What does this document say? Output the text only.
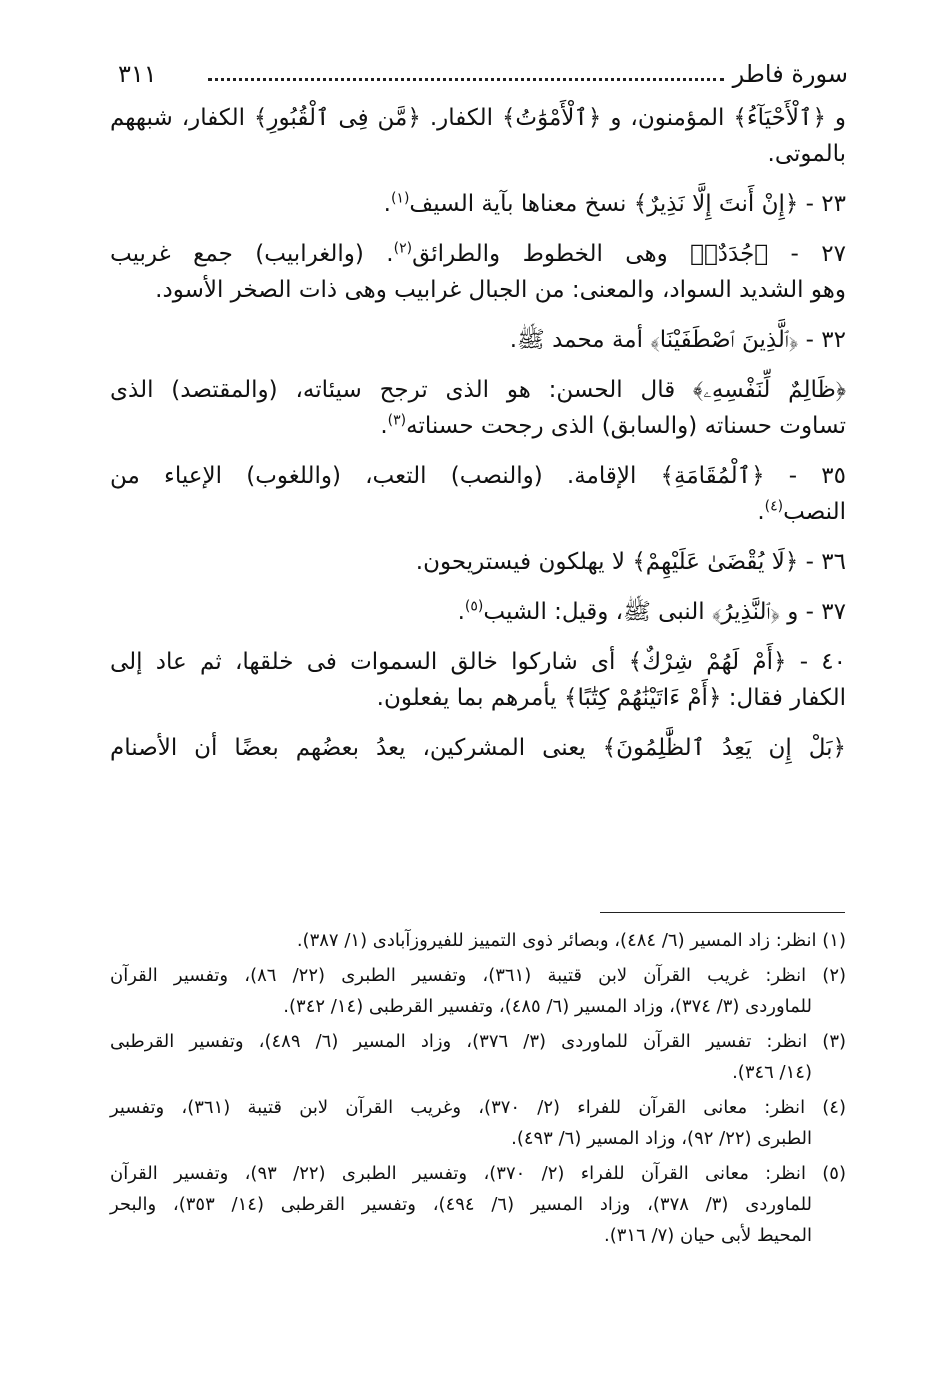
سورة فاطر
٣١١
و ﴿ٱلْأَحْيَآءُ﴾ المؤمنون، و ﴿ٱلْأَمْوَٰتُ﴾ الكفار. ﴿مَّن فِى ٱلْقُبُورِ﴾ الكفار، شبههم
بالموتى.
٢٣ - ﴿إِنْ أَنتَ إِلَّا نَذِيرٌ﴾ نسخ معناها بآية السيف$^{(١)}$.
٢٧ - ﴿جُدَدٌۢ﴾ وهى الخطوط والطرائق$^{(٢)}$. (والغرابيب) جمع غربيب
وهو الشديد السواد، والمعنى: من الجبال غرابيب وهى ذات الصخر الأسود.
٣٢ - ﴿ٱلَّذِينَ ٱصْطَفَيْنَا﴾ أمة محمد ﷺ.
﴿ظَالِمٌ لِّنَفْسِهِۦ﴾ قال الحسن: هو الذى ترجح سيئاته، (والمقتصد) الذى
تساوت حسناته (والسابق) الذى رجحت حسناته$^{(٣)}$.
٣٥ - ﴿ٱلْمُقَامَةِ﴾ الإقامة. (والنصب) التعب، (واللغوب) الإعياء من
النصب$^{(٤)}$.
٣٦ - ﴿لَا يُقْضَىٰ عَلَيْهِمْ﴾ لا يهلكون فيستريحون.
٣٧ - و ﴿ٱلنَّذِيرُ﴾ النبى ﷺ، وقيل: الشيب$^{(٥)}$.
٤٠ - ﴿أَمْ لَهُمْ شِرْكٌ﴾ أى شاركوا خالق السموات فى خلقها، ثم عاد إلى
الكفار فقال: ﴿أَمْ ءَاتَيْنَٰهُمْ كِتَٰبًا﴾ يأمرهم بما يفعلون.
﴿بَلْ إِن يَعِدُ ٱلظَّٰلِمُونَ﴾ يعنى المشركين، يعدُ بعضُهم بعضًا أن الأصنام
(١) انظر: زاد المسير (٦/ ٤٨٤)، وبصائر ذوى التمييز للفيروزآبادى (١/ ٣٨٧).
(٢) انظر: غريب القرآن لابن قتيبة (٣٦١)، وتفسير الطبرى (٢٢/ ٨٦)، وتفسير القرآن
للماوردى (٣/ ٣٧٤)، وزاد المسير (٦/ ٤٨٥)، وتفسير القرطبى (١٤/ ٣٤٢).
(٣) انظر: تفسير القرآن للماوردى (٣/ ٣٧٦)، وزاد المسير (٦/ ٤٨٩)، وتفسير القرطبى
(١٤/ ٣٤٦).
(٤) انظر: معانى القرآن للفراء (٢/ ٣٧٠)، وغريب القرآن لابن قتيبة (٣٦١)، وتفسير
الطبرى (٢٢/ ٩٢)، وزاد المسير (٦/ ٤٩٣).
(٥) انظر: معانى القرآن للفراء (٢/ ٣٧٠)، وتفسير الطبرى (٢٢/ ٩٣)، وتفسير القرآن
للماوردى (٣/ ٣٧٨)، وزاد المسير (٦/ ٤٩٤)، وتفسير القرطبى (١٤/ ٣٥٣)، والبحر
المحيط لأبى حيان (٧/ ٣١٦).
